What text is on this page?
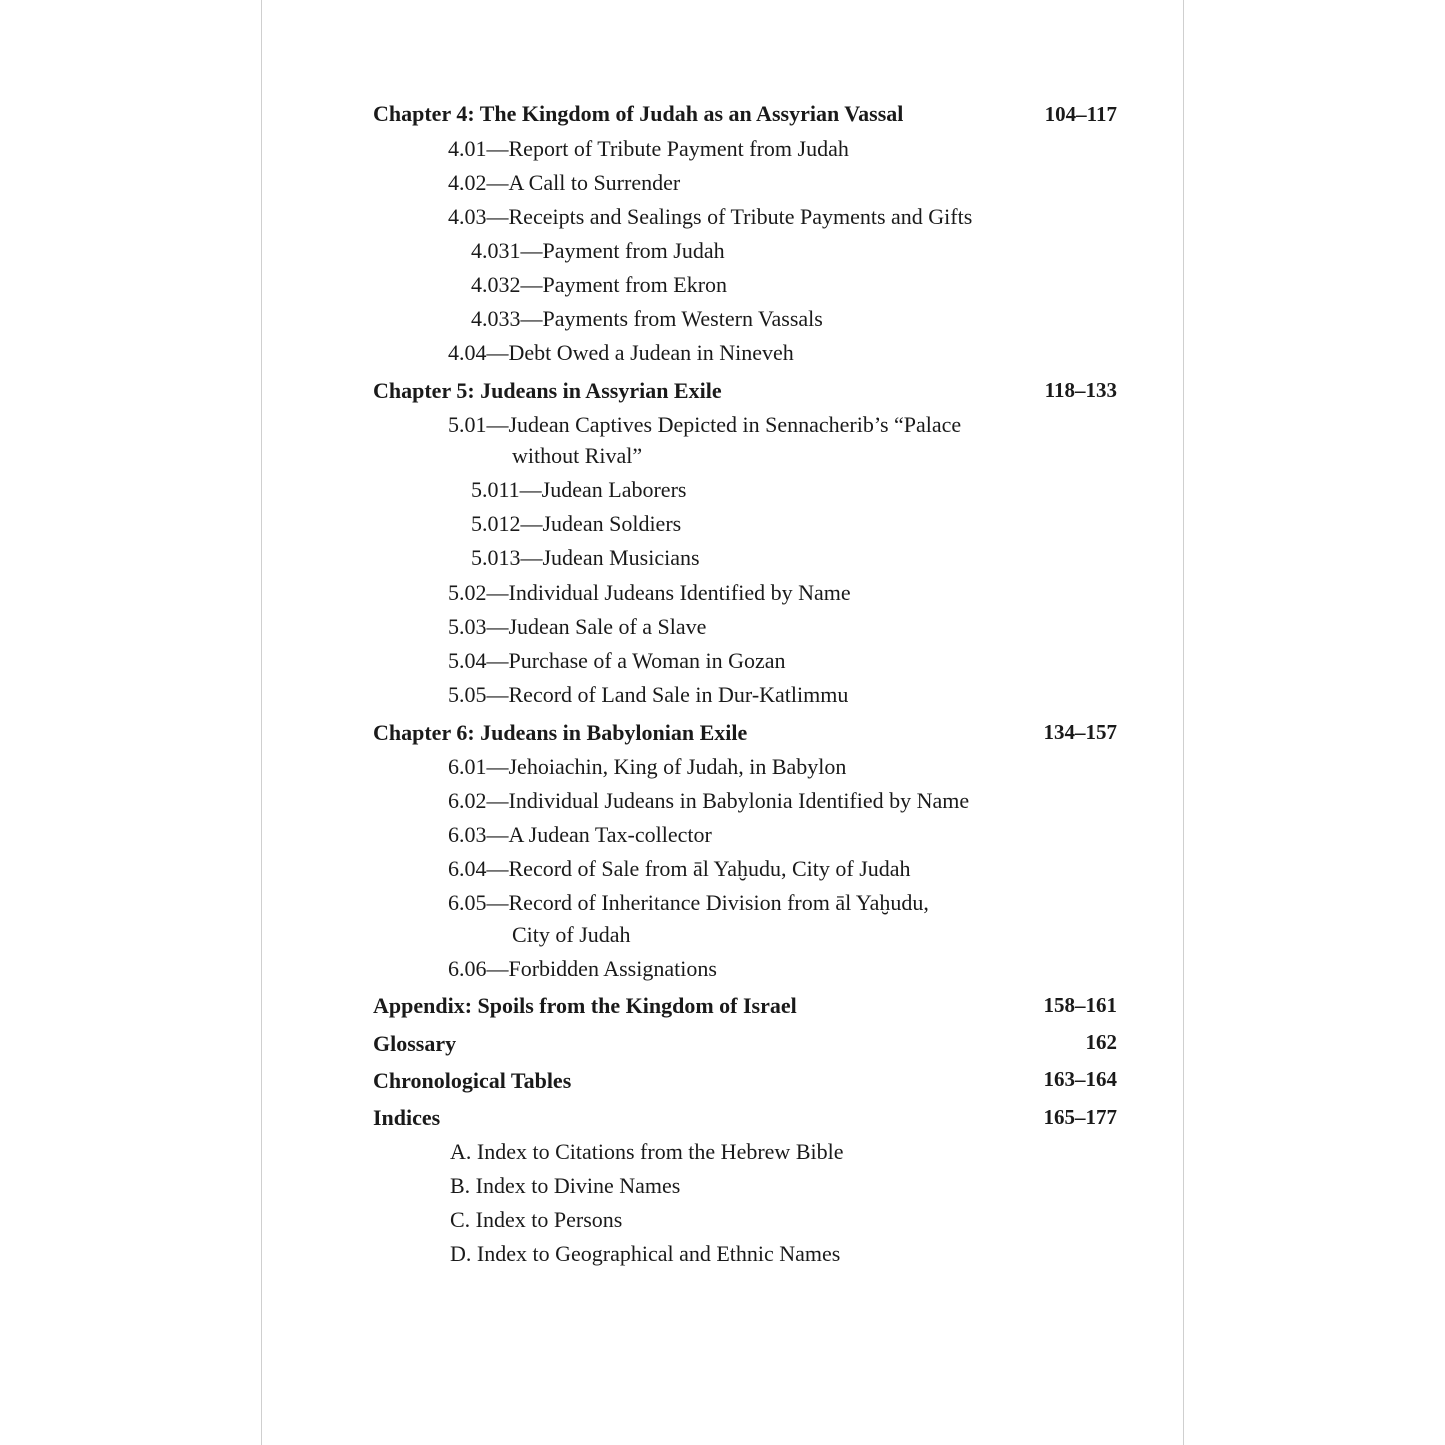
Chapter 4: The Kingdom of Judah as an Assyrian Vassal	104–117
4.01—Report of Tribute Payment from Judah
4.02—A Call to Surrender
4.03—Receipts and Sealings of Tribute Payments and Gifts
4.031—Payment from Judah
4.032—Payment from Ekron
4.033—Payments from Western Vassals
4.04—Debt Owed a Judean in Nineveh
Chapter 5: Judeans in Assyrian Exile	118–133
5.01—Judean Captives Depicted in Sennacherib’s “Palace
without Rival”
5.011—Judean Laborers
5.012—Judean Soldiers
5.013—Judean Musicians
5.02—Individual Judeans Identified by Name
5.03—Judean Sale of a Slave
5.04—Purchase of a Woman in Gozan
5.05—Record of Land Sale in Dur-Katlimmu
Chapter 6: Judeans in Babylonian Exile	134–157
6.01—Jehoiachin, King of Judah, in Babylon
6.02—Individual Judeans in Babylonia Identified by Name
6.03—A Judean Tax-collector
6.04—Record of Sale from āl Yaḫudu, City of Judah
6.05—Record of Inheritance Division from āl Yaḫudu,
City of Judah
6.06—Forbidden Assignations
Appendix: Spoils from the Kingdom of Israel	158–161
Glossary	162
Chronological Tables	163–164
Indices	165–177
A. Index to Citations from the Hebrew Bible
B. Index to Divine Names
C. Index to Persons
D. Index to Geographical and Ethnic Names
